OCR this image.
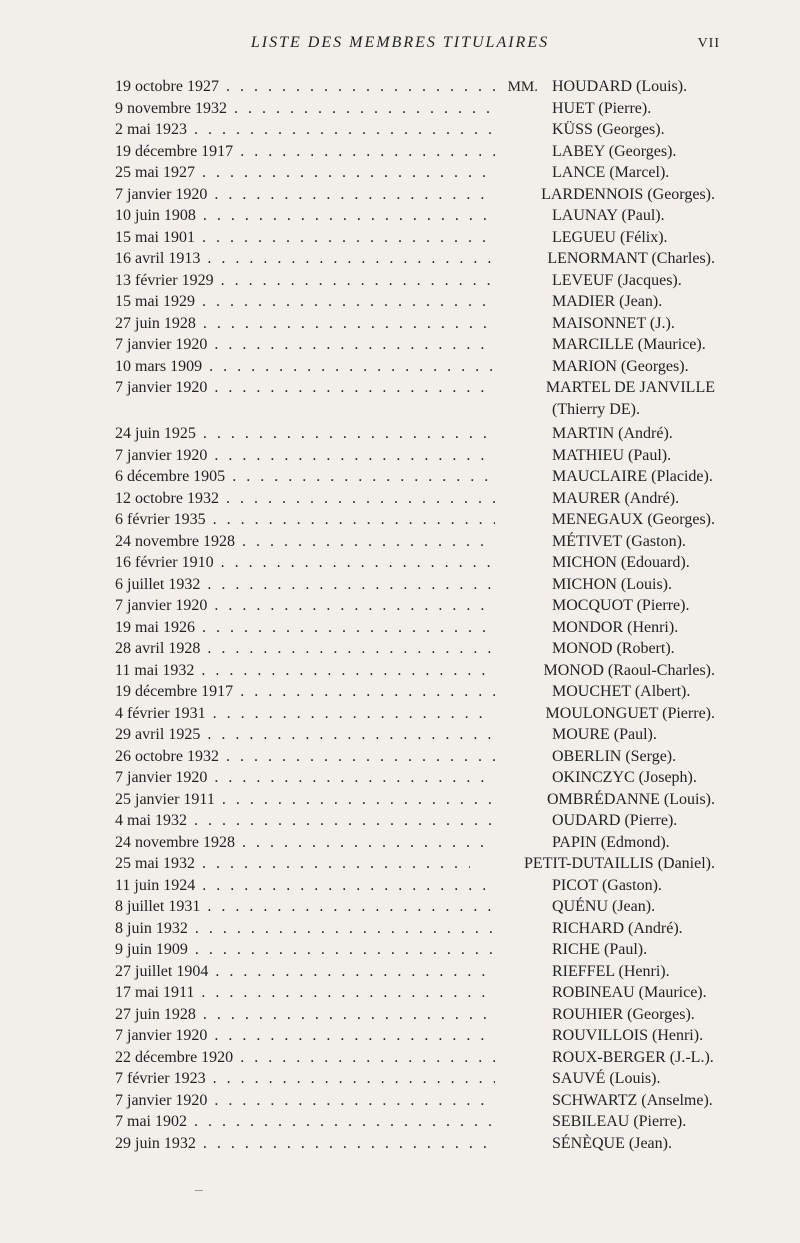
LISTE DES MEMBRES TITULAIRES	VII
19 octobre 1927 . . .	MM. HOUDARD (Louis).
9 novembre 1932 . . .	HUET (Pierre).
2 mai 1923 . . .	KÜSS (Georges).
19 décembre 1917 . . .	LABEY (Georges).
25 mai 1927 . . .	LANCE (Marcel).
7 janvier 1920 . . .	LARDENNOIS (Georges).
10 juin 1908 . . .	LAUNAY (Paul).
15 mai 1901 . . .	LEGUEU (Félix).
16 avril 1913 . . .	LENORMANT (Charles).
13 février 1929 . . .	LEVEUF (Jacques).
15 mai 1929 . . .	MADIER (Jean).
27 juin 1928 . . .	MAISONNET (J.).
7 janvier 1920 . . .	MARCILLE (Maurice).
10 mars 1909 . . .	MARION (Georges).
7 janvier 1920 . . .	MARTEL DE JANVILLE
(Thierry DE).
24 juin 1925 . . .	MARTIN (André).
7 janvier 1920 . . .	MATHIEU (Paul).
6 décembre 1905 . . .	MAUCLAIRE (Placide).
12 octobre 1932 . . .	MAURER (André).
6 février 1935 . . .	MENEGAUX (Georges).
24 novembre 1928 . . .	MÉTIVET (Gaston).
16 février 1910 . . .	MICHON (Edouard).
6 juillet 1932 . . .	MICHON (Louis).
7 janvier 1920 . . .	MOCQUOT (Pierre).
19 mai 1926 . . .	MONDOR (Henri).
28 avril 1928 . . .	MONOD (Robert).
11 mai 1932 . . .	MONOD (Raoul-Charles).
19 décembre 1917 . . .	MOUCHET (Albert).
4 février 1931 . . .	MOULONGUET (Pierre).
29 avril 1925 . . .	MOURE (Paul).
26 octobre 1932 . . .	OBERLIN (Serge).
7 janvier 1920 . . .	OKINCZYC (Joseph).
25 janvier 1911 . . .	OMBRÉDANNE (Louis).
4 mai 1932 . . .	OUDARD (Pierre).
24 novembre 1928 . . .	PAPIN (Edmond).
25 mai 1932 . . .	PETIT-DUTAILLIS (Daniel).
11 juin 1924 . . .	PICOT (Gaston).
8 juillet 1931 . . .	QUÉNU (Jean).
8 juin 1932 . . .	RICHARD (André).
9 juin 1909 . . .	RICHE (Paul).
27 juillet 1904 . . .	RIEFFEL (Henri).
17 mai 1911 . . .	ROBINEAU (Maurice).
27 juin 1928 . . .	ROUHIER (Georges).
7 janvier 1920 . . .	ROUVILLOIS (Henri).
22 décembre 1920 . . .	ROUX-BERGER (J.-L.).
7 février 1923 . . .	SAUVÉ (Louis).
7 janvier 1920 . . .	SCHWARTZ (Anselme).
7 mai 1902 . . .	SEBILEAU (Pierre).
29 juin 1932 . . .	SÉNÈQUE (Jean).
